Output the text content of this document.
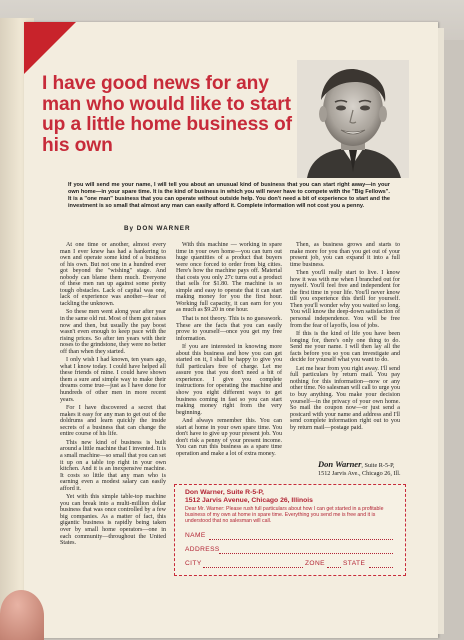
I have good news for any man who would like to start up a little home business of his own

If you will send me your name, I will tell you about an unusual kind of business that you can start right away—in your own home—in your spare time. It is the kind of business in which you will never have to compete with the "Big Fellows". It is a "one man" business that you can operate without outside help. You don't need a bit of experience to start and the investment is so small that almost any man can easily afford it. Complete information will not cost you a penny.

By DON WARNER

At one time or another, almost every man I ever knew has had a hankering to own and operate some kind of a business of his own. But not one in a hundred ever got beyond the "wishing" stage. And nobody can blame them much. Everyone of these men ran up against some pretty tough obstacles. Lack of capital was one, lack of experience was another—fear of tackling the unknown.

So these men went along year after year in the same old rut. Most of them got raises now and then, but usually the pay boost wasn't even enough to keep pace with the rising prices. So after ten years with their noses to the grindstone, they were no better off than when they started.

I only wish I had known, ten years ago, what I know today. I could have helped all these friends of mine. I could have shown them a sure and simple way to make their dreams come true—just as I have done for hundreds of other men in more recent years.

For I have discovered a secret that makes it easy for any man to get out of the doldrums and learn quickly the inside secrets of a business that can change the entire course of his life.

This new kind of business is built around a little machine that I invented. It is a small machine—so small that you can set it up on a table top right in your own kitchen. And it is an inexpensive machine. It costs so little that any man who is earning even a modest salary can easily afford it.

Yet with this simple table-top machine you can break into a multi-million dollar business that was once controlled by a few big companies. As a matter of fact, this gigantic business is rapidly being taken over by small home operators—one in each community—throughout the United States.

With this machine — working in spare time in your own home—you can turn out huge quantities of a product that buyers were once forced to order from big cities. Here's how the machine pays off. Material that costs you only 27c turns out a product that sells for $1.80. The machine is so simple and easy to operate that it can start making money for you the first hour. Working full capacity, it can earn for you as much as $9.20 in one hour.

That is not theory. This is no guesswork. These are the facts that you can easily prove to yourself—once you get my free information.

If you are interested in knowing more about this business and how you can get started on it, I shall be happy to give you full particulars free of charge. Let me assure you that you don't need a bit of experience. I give you complete instructions for operating the machine and show you eight different ways to get business coming in fast so you can start making money right from the very beginning.

And always remember this. You can start at home in your own spare time. You don't have to give up your present job. You don't risk a penny of your present income. You can run this business as a spare time operation and make a lot of extra money.

Then, as business grows and starts to make more for you than you get out of your present job, you can expand it into a full time business.

Then you'll really start to live. I know how it was with me when I branched out for myself. You'll feel free and independent for the first time in your life. You'll never know till you experience this thrill for yourself. Then you'll wonder why you waited so long. You will know the deep-down satisfaction of personal independence. You will be free from the fear of layoffs, loss of jobs.

If this is the kind of life you have been longing for, there's only one thing to do. Send me your name. I will then lay all the facts before you so you can investigate and decide for yourself what you want to do.

Let me hear from you right away. I'll send full particulars by return mail. You pay nothing for this information—now or any other time. No salesman will call to urge you to buy anything. You make your decision yourself—in the privacy of your own home. So mail the coupon now—or just send a postcard with your name and address and I'll send complete information right out to you by return mail—postage paid.

Don Warner, Suite R-5-P,
1512 Jarvis Ave., Chicago 26, Ill.

Don Warner, Suite R-5-P,
1512 Jarvis Avenue, Chicago 26, Illinois

Dear Mr. Warner: Please rush full particulars about how I can get started in a profitable business of my own at home in spare time. Everything you send me is free and it is understood that no salesman will call.

NAME
ADDRESS
CITY	ZONE	STATE
